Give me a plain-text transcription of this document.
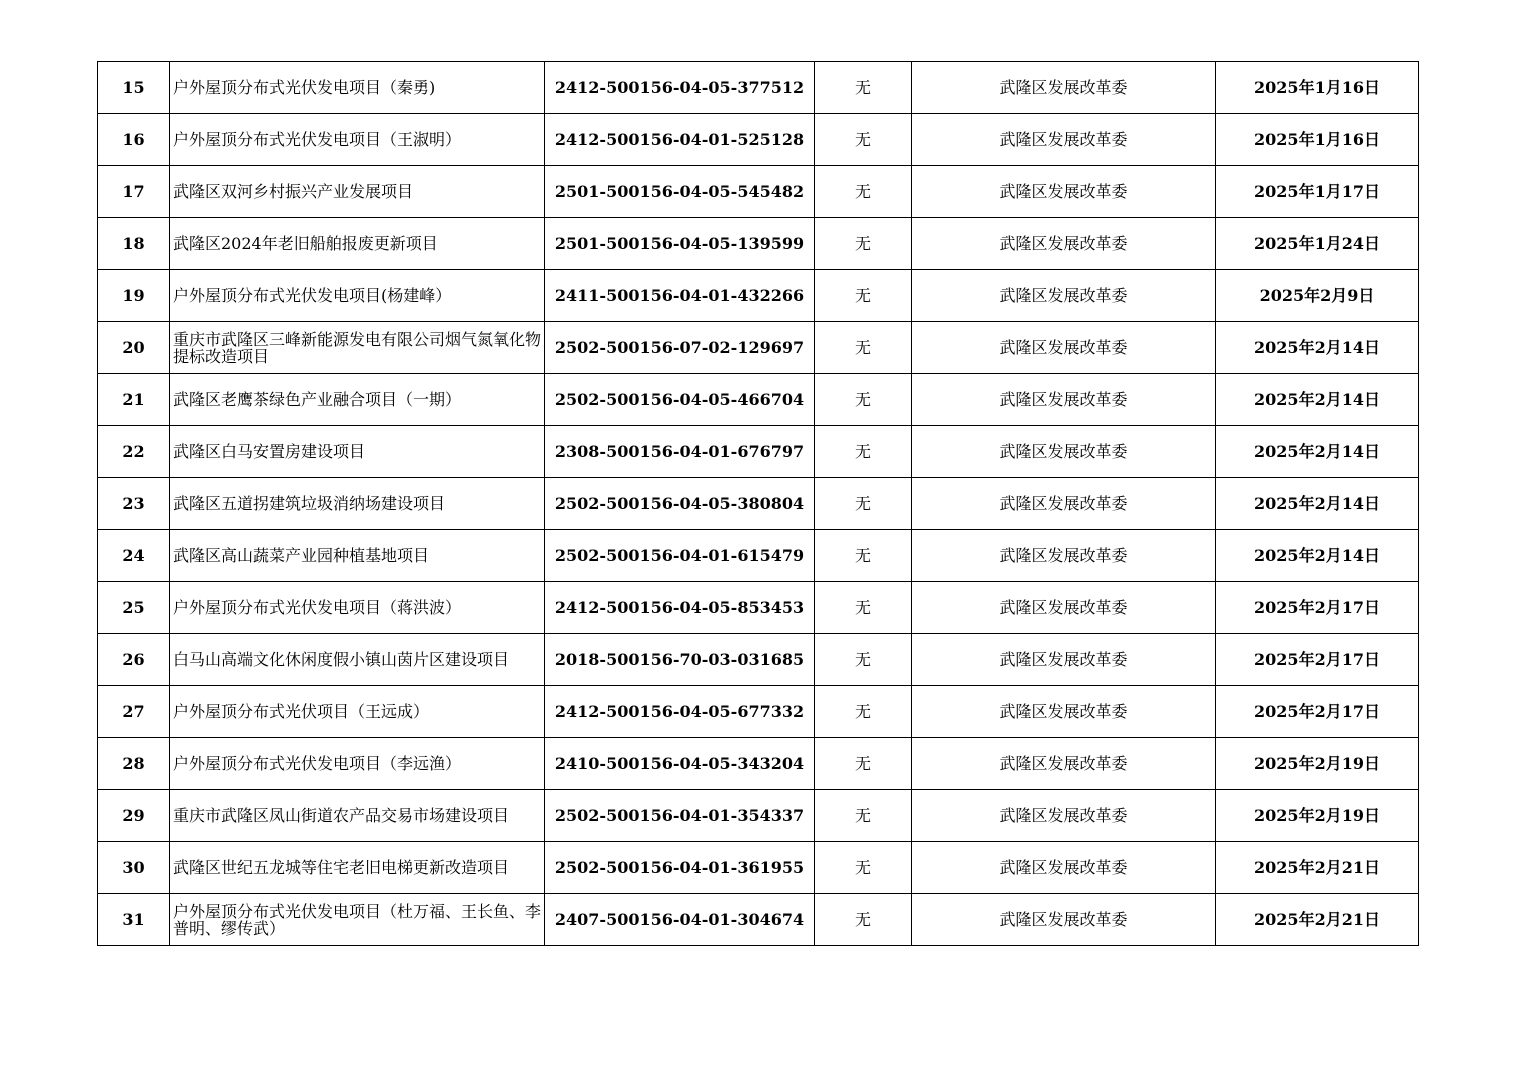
15	户外屋顶分布式光伏发电项目（秦勇)	2412-500156-04-05-377512	无	武隆区发展改革委	2025年1月16日
16	户外屋顶分布式光伏发电项目（王淑明）	2412-500156-04-01-525128	无	武隆区发展改革委	2025年1月16日
17	武隆区双河乡村振兴产业发展项目	2501-500156-04-05-545482	无	武隆区发展改革委	2025年1月17日
18	武隆区2024年老旧船舶报废更新项目	2501-500156-04-05-139599	无	武隆区发展改革委	2025年1月24日
19	户外屋顶分布式光伏发电项目(杨建峰）	2411-500156-04-01-432266	无	武隆区发展改革委	2025年2月9日
20	重庆市武隆区三峰新能源发电有限公司烟气氮氧化物提标改造项目	2502-500156-07-02-129697	无	武隆区发展改革委	2025年2月14日
21	武隆区老鹰茶绿色产业融合项目（一期）	2502-500156-04-05-466704	无	武隆区发展改革委	2025年2月14日
22	武隆区白马安置房建设项目	2308-500156-04-01-676797	无	武隆区发展改革委	2025年2月14日
23	武隆区五道拐建筑垃圾消纳场建设项目	2502-500156-04-05-380804	无	武隆区发展改革委	2025年2月14日
24	武隆区高山蔬菜产业园种植基地项目	2502-500156-04-01-615479	无	武隆区发展改革委	2025年2月14日
25	户外屋顶分布式光伏发电项目（蒋洪波）	2412-500156-04-05-853453	无	武隆区发展改革委	2025年2月17日
26	白马山高端文化休闲度假小镇山茵片区建设项目	2018-500156-70-03-031685	无	武隆区发展改革委	2025年2月17日
27	户外屋顶分布式光伏项目（王远成）	2412-500156-04-05-677332	无	武隆区发展改革委	2025年2月17日
28	户外屋顶分布式光伏发电项目（李远渔）	2410-500156-04-05-343204	无	武隆区发展改革委	2025年2月19日
29	重庆市武隆区凤山街道农产品交易市场建设项目	2502-500156-04-01-354337	无	武隆区发展改革委	2025年2月19日
30	武隆区世纪五龙城等住宅老旧电梯更新改造项目	2502-500156-04-01-361955	无	武隆区发展改革委	2025年2月21日
31	户外屋顶分布式光伏发电项目（杜万福、王长鱼、李普明、缪传武）	2407-500156-04-01-304674	无	武隆区发展改革委	2025年2月21日
